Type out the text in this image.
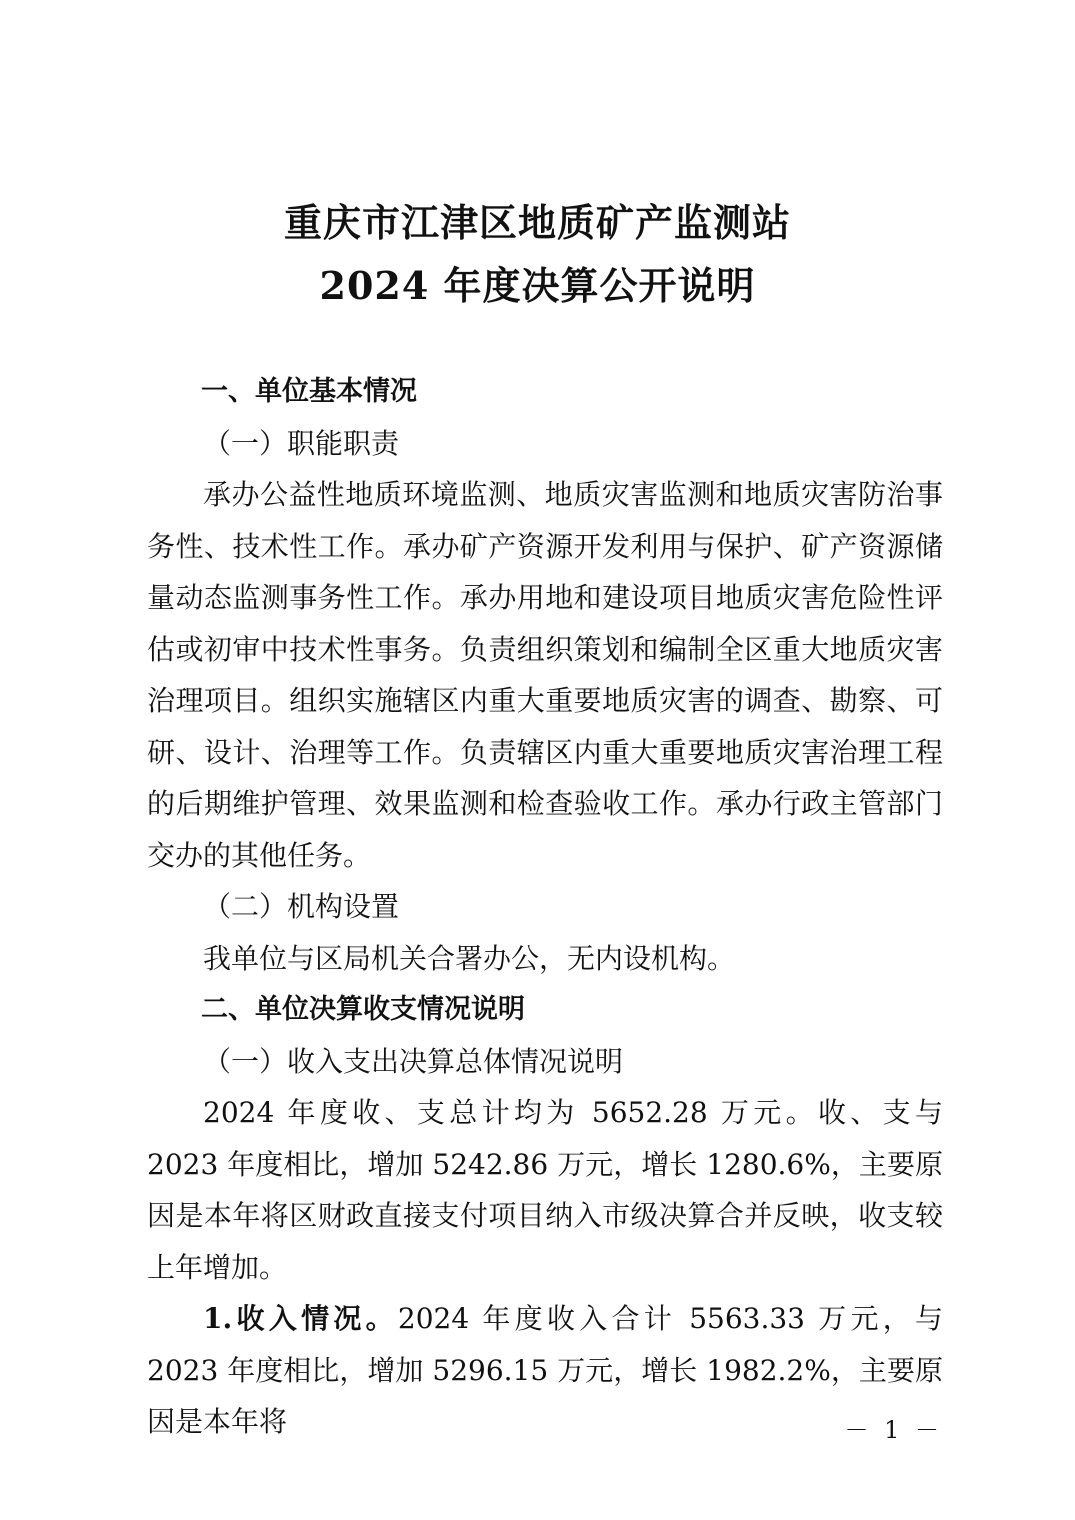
重庆市江津区地质矿产监测站
2024 年度决算公开说明

一、单位基本情况

（一）职能职责

承办公益性地质环境监测、地质灾害监测和地质灾害防治事务性、技术性工作。承办矿产资源开发利用与保护、矿产资源储量动态监测事务性工作。承办用地和建设项目地质灾害危险性评估或初审中技术性事务。负责组织策划和编制全区重大地质灾害治理项目。组织实施辖区内重大重要地质灾害的调查、勘察、可研、设计、治理等工作。负责辖区内重大重要地质灾害治理工程的后期维护管理、效果监测和检查验收工作。承办行政主管部门交办的其他任务。

（二）机构设置

我单位与区局机关合署办公，无内设机构。

二、单位决算收支情况说明

（一）收入支出决算总体情况说明

2024 年度收、支总计均为 5652.28 万元。收、支与 2023 年度相比，增加 5242.86 万元，增长 1280.6%，主要原因是本年将区财政直接支付项目纳入市级决算合并反映，收支较上年增加。

1.收入情况。2024 年度收入合计 5563.33 万元，与 2023 年度相比，增加 5296.15 万元，增长 1982.2%，主要原因是本年将	－ 1 －
